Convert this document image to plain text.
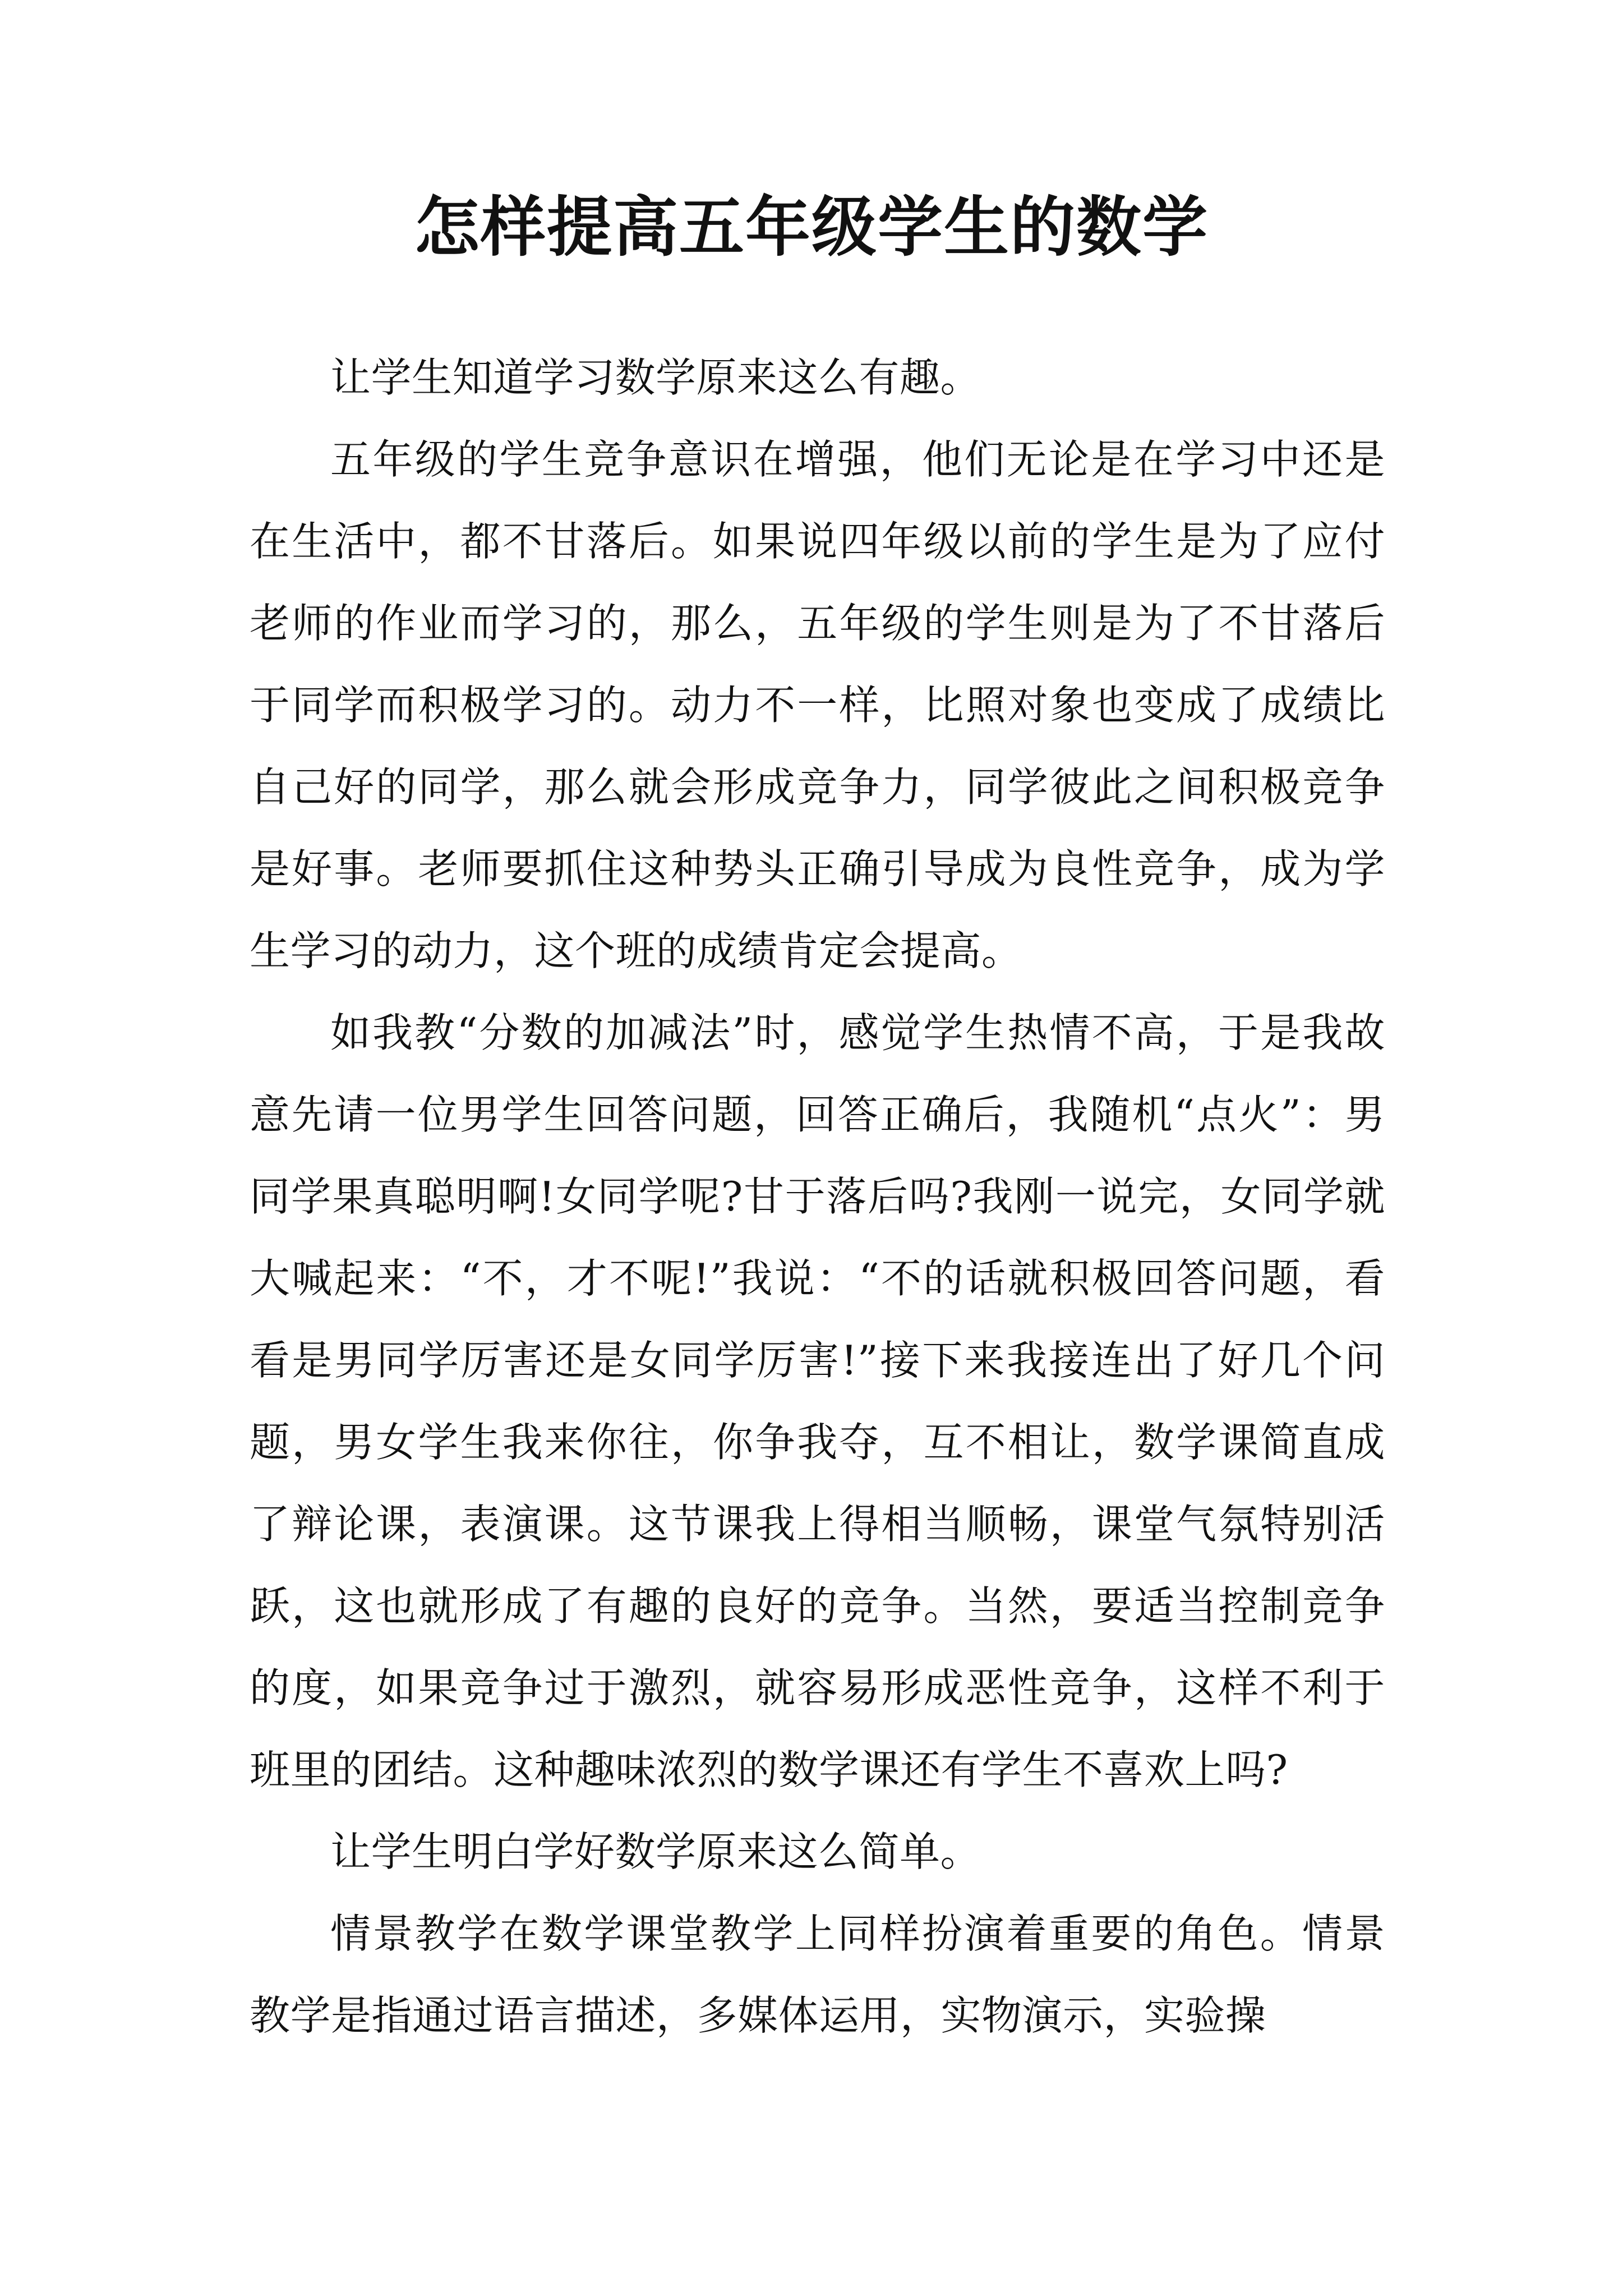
怎样提高五年级学生的数学

让学生知道学习数学原来这么有趣。

五年级的学生竞争意识在增强，他们无论是在学习中还是在生活中，都不甘落后。如果说四年级以前的学生是为了应付老师的作业而学习的，那么，五年级的学生则是为了不甘落后于同学而积极学习的。动力不一样，比照对象也变成了成绩比自己好的同学，那么就会形成竞争力，同学彼此之间积极竞争是好事。老师要抓住这种势头正确引导成为良性竞争，成为学生学习的动力，这个班的成绩肯定会提高。

如我教“分数的加减法”时，感觉学生热情不高，于是我故意先请一位男学生回答问题，回答正确后，我随机“点火”：男同学果真聪明啊!女同学呢?甘于落后吗?我刚一说完，女同学就大喊起来：“不，才不呢!”我说：“不的话就积极回答问题，看看是男同学厉害还是女同学厉害!”接下来我接连出了好几个问题，男女学生我来你往，你争我夺，互不相让，数学课简直成了辩论课，表演课。这节课我上得相当顺畅，课堂气氛特别活跃，这也就形成了有趣的良好的竞争。当然，要适当控制竞争的度，如果竞争过于激烈，就容易形成恶性竞争，这样不利于班里的团结。这种趣味浓烈的数学课还有学生不喜欢上吗?

让学生明白学好数学原来这么简单。

情景教学在数学课堂教学上同样扮演着重要的角色。情景教学是指通过语言描述，多媒体运用，实物演示，实验操
